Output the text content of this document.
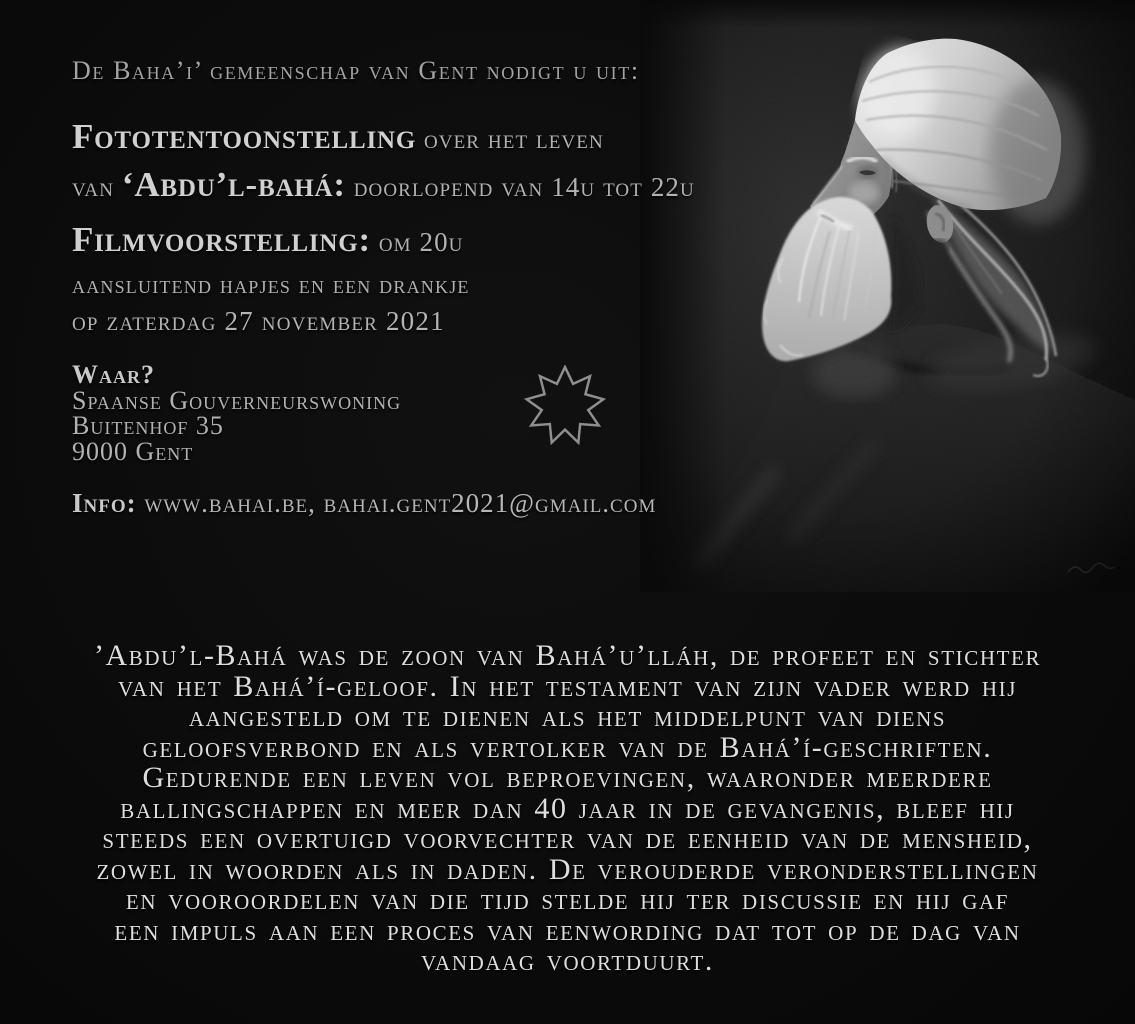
De Baha’i’ gemeenschap van Gent nodigt u uit:
Fototentoonstelling over het leven
van ‘Abdu’l-bahá: doorlopend van 14u tot 22u
Filmvoorstelling: om 20u
aansluitend hapjes en een drankje
op zaterdag 27 november 2021
Waar?
Spaanse Gouverneurswoning
Buitenhof 35
9000 Gent
Info: www.bahai.be, bahai.gent2021@gmail.com
’Abdu’l-Bahá was de zoon van Bahá’u’lláh, de profeet en stichter
van het Bahá’í-geloof. In het testament van zijn vader werd hij
aangesteld om te dienen als het middelpunt van diens
geloofsverbond en als vertolker van de Bahá’í-geschriften.
Gedurende een leven vol beproevingen, waaronder meerdere
ballingschappen en meer dan 40 jaar in de gevangenis, bleef hij
steeds een overtuigd voorvechter van de eenheid van de mensheid,
zowel in woorden als in daden. De verouderde veronderstellingen
en vooroordelen van die tijd stelde hij ter discussie en hij gaf
een impuls aan een proces van eenwording dat tot op de dag van
vandaag voortduurt.
